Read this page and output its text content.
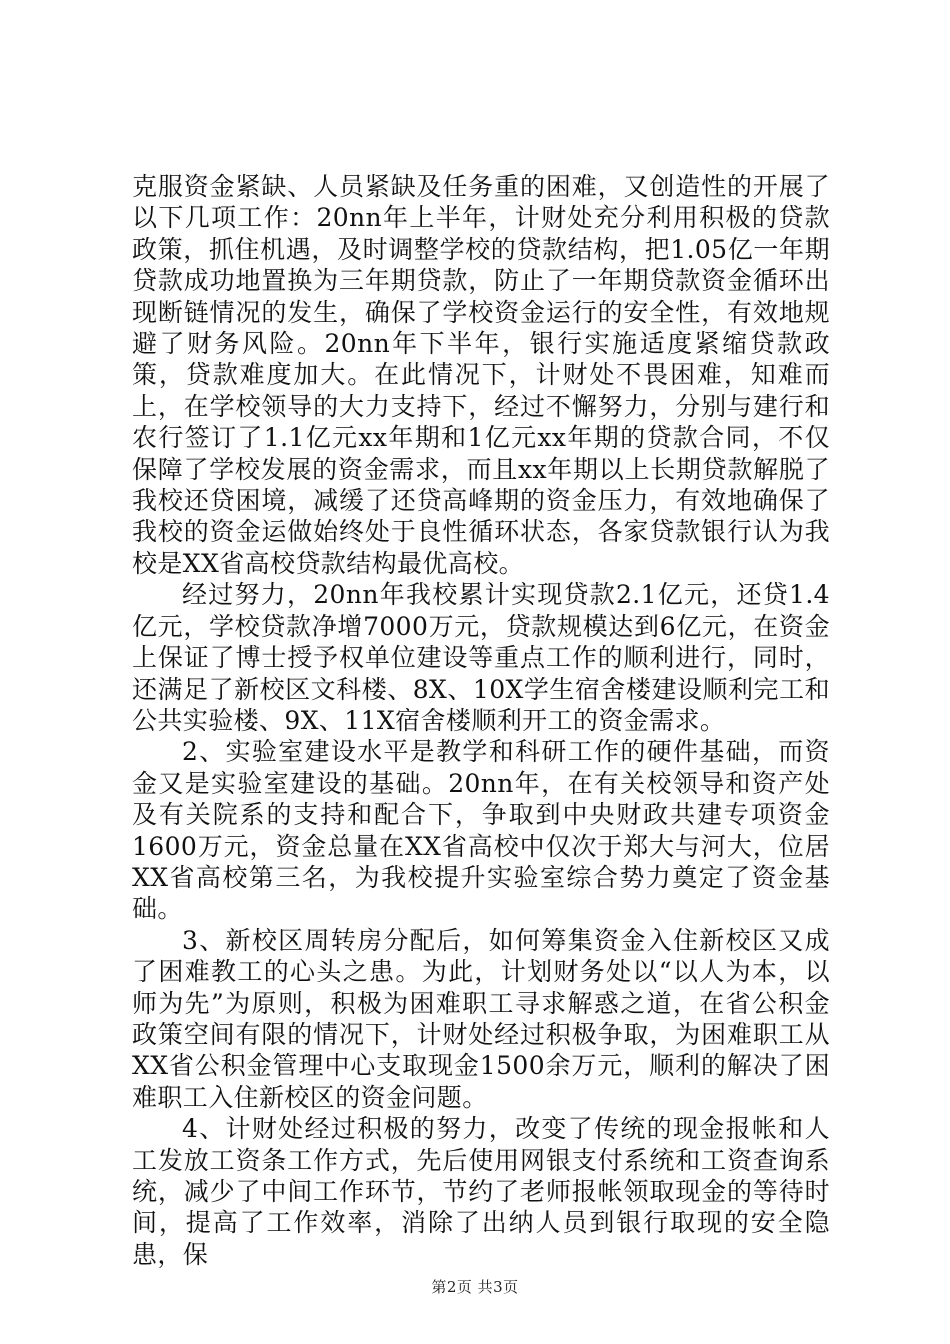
克服资金紧缺、人员紧缺及任务重的困难，又创造性的开展了以下几项工作：20nn年上半年，计财处充分利用积极的贷款政策，抓住机遇，及时调整学校的贷款结构，把1.05亿一年期贷款成功地置换为三年期贷款，防止了一年期贷款资金循环出现断链情况的发生，确保了学校资金运行的安全性，有效地规避了财务风险。20nn年下半年，银行实施适度紧缩贷款政策，贷款难度加大。在此情况下，计财处不畏困难，知难而上，在学校领导的大力支持下，经过不懈努力，分别与建行和农行签订了1.1亿元xx年期和1亿元xx年期的贷款合同，不仅保障了学校发展的资金需求，而且xx年期以上长期贷款解脱了我校还贷困境，减缓了还贷高峰期的资金压力，有效地确保了我校的资金运做始终处于良性循环状态，各家贷款银行认为我校是XX省高校贷款结构最优高校。

经过努力，20nn年我校累计实现贷款2.1亿元，还贷1.4亿元，学校贷款净增7000万元，贷款规模达到6亿元，在资金上保证了博士授予权单位建设等重点工作的顺利进行，同时，还满足了新校区文科楼、8X、10X学生宿舍楼建设顺利完工和公共实验楼、9X、11X宿舍楼顺利开工的资金需求。

2、实验室建设水平是教学和科研工作的硬件基础，而资金又是实验室建设的基础。20nn年，在有关校领导和资产处及有关院系的支持和配合下，争取到中央财政共建专项资金1600万元，资金总量在XX省高校中仅次于郑大与河大，位居XX省高校第三名，为我校提升实验室综合势力奠定了资金基础。

3、新校区周转房分配后，如何筹集资金入住新校区又成了困难教工的心头之患。为此，计划财务处以“以人为本，以师为先”为原则，积极为困难职工寻求解惑之道，在省公积金政策空间有限的情况下，计财处经过积极争取，为困难职工从XX省公积金管理中心支取现金1500余万元，顺利的解决了困难职工入住新校区的资金问题。

4、计财处经过积极的努力，改变了传统的现金报帐和人工发放工资条工作方式，先后使用网银支付系统和工资查询系统，减少了中间工作环节，节约了老师报帐领取现金的等待时间，提高了工作效率，消除了出纳人员到银行取现的安全隐患，保

第2页 共3页
